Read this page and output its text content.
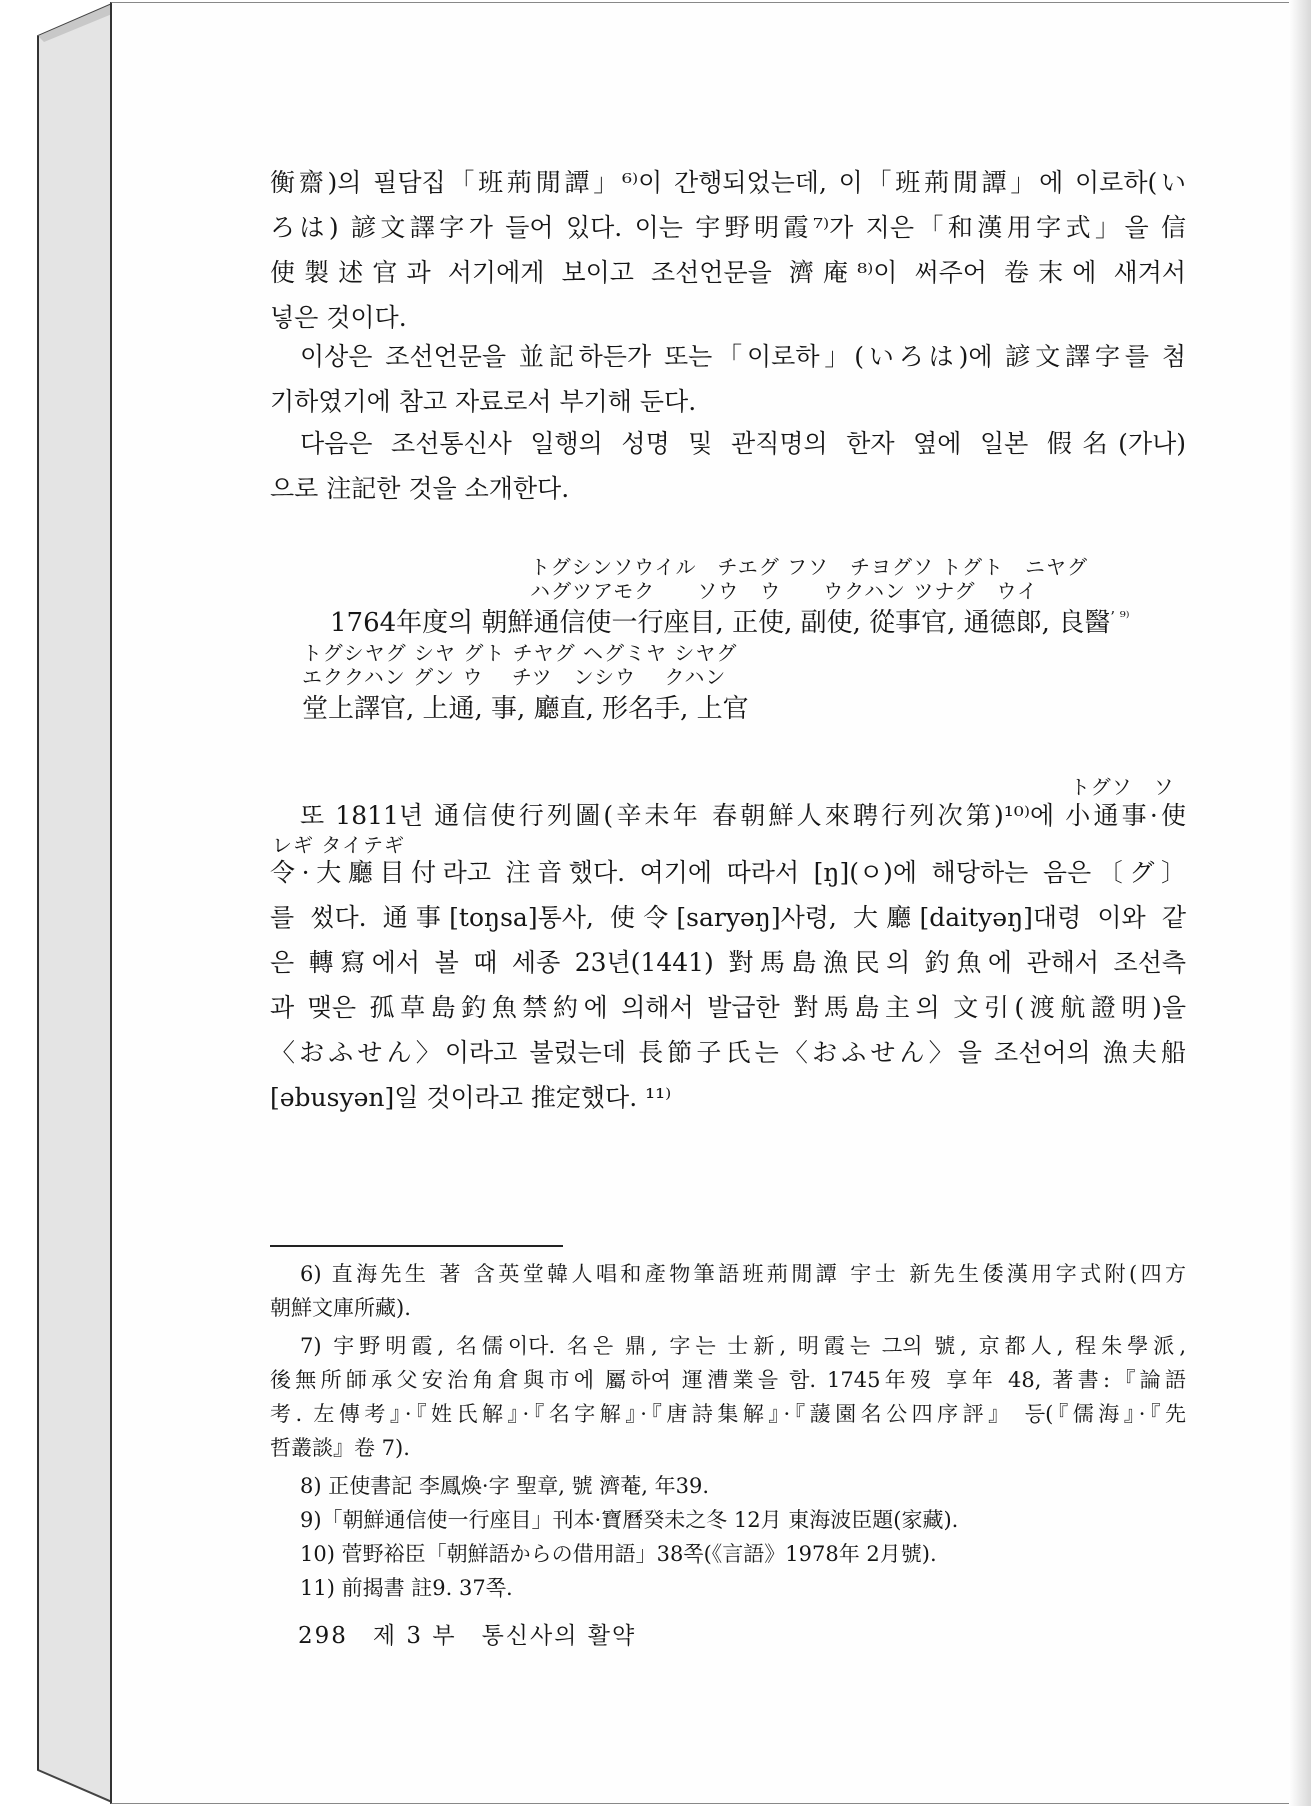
衡齋)의 필담집「班荊閒譚」⁶⁾이 간행되었는데, 이「班荊閒譚」에 이로하(い
ろは) 諺文譯字가 들어 있다. 이는 宇野明霞⁷⁾가 지은「和漢用字式」을 信
使製述官과 서기에게 보이고 조선언문을 濟庵⁸⁾이 써주어 卷末에 새겨서
넣은 것이다.
이상은 조선언문을 並記하든가 또는「이로하」(いろは)에 諺文譯字를 첨
기하였기에 참고 자료로서 부기해 둔다.
다음은 조선통신사 일행의 성명 및 관직명의 한자 옆에 일본 假名(가나)
으로 注記한 것을 소개한다.
トグシンソウイル　チエグ フソ　チヨグソ トグト　ニヤグ
ハグツアモク　　ソウ　ウ　　ウクハン ツナグ　ウイ
1764年度의 朝鮮通信使一行座目, 正使, 副使, 從事官, 通德郞, 良醫$^{’ ^{9)}}$
トグシヤグ シヤ グト チヤグ ヘグミヤ シヤグ
エククハン グン ウ　 チツ　ンシウ　 クハン
堂上譯官, 上通, 事, 廳直, 形名手, 上官
トグソ　ソ
또 1811년 通信使行列圖(辛未年 春朝鮮人來聘行列次第)¹⁰⁾에 小通事·使
レギ タイテギ
令·大廳目付라고 注音했다. 여기에 따라서 [ŋ](ㅇ)에 해당하는 음은〔グ〕
를 썼다. 通事[toŋsa]통사, 使令[saryəŋ]사령, 大廳[daityəŋ]대령 이와 같
은 轉寫에서 볼 때 세종 23년(1441) 對馬島漁民의 釣魚에 관해서 조선측
과 맺은 孤草島釣魚禁約에 의해서 발급한 對馬島主의 文引(渡航證明)을
〈おふせん〉이라고 불렀는데 長節子氏는〈おふせん〉을 조선어의 漁夫船
[əbusyən]일 것이라고 推定했다. ¹¹⁾
6) 直海先生 著 含英堂韓人唱和產物筆語班荊閒譚 宇士 新先生倭漢用字式附(四方
朝鮮文庫所藏).
7) 宇野明霞, 名儒이다. 名은 鼎, 字는 士新, 明霞는 그의 號, 京都人, 程朱學派,
後無所師承父安治角倉與市에 屬하여 運漕業을 함. 1745年歿 享年 48, 著書:『論語
考. 左傳考』·『姓氏解』·『名字解』·『唐詩集解』·『蘐園名公四序評』 등(『儒海』·『先
哲叢談』卷 7).
8) 正使書記 李鳳煥·字 聖章, 號 濟菴, 年39.
9)「朝鮮通信使一行座目」刊本·寶曆癸未之冬 12月 東海波臣題(家藏).
10) 菅野裕臣「朝鮮語からの借用語」38쪽(《言語》1978年 2月號).
11) 前揭書 註9. 37쪽.
298　제 3 부　통신사의 활약
